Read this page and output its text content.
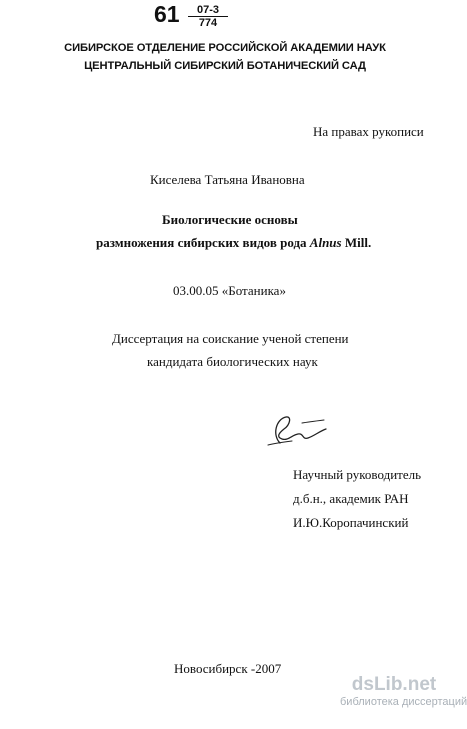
$61 \frac{07-3}{774}$
СИБИРСКОЕ ОТДЕЛЕНИЕ РОССИЙСКОЙ АКАДЕМИИ НАУК
ЦЕНТРАЛЬНЫЙ СИБИРСКИЙ БОТАНИЧЕСКИЙ САД
На правах рукописи
Киселева Татьяна Ивановна
Биологические основы
размножения сибирских видов рода Alnus Mill.
03.00.05 «Ботаника»
Диссертация на соискание ученой степени
кандидата биологических наук
Научный руководитель
д.б.н., академик РАН
И.Ю.Коропачинский
Новосибирск -2007
dsLib.net
библиотека диссертаций
